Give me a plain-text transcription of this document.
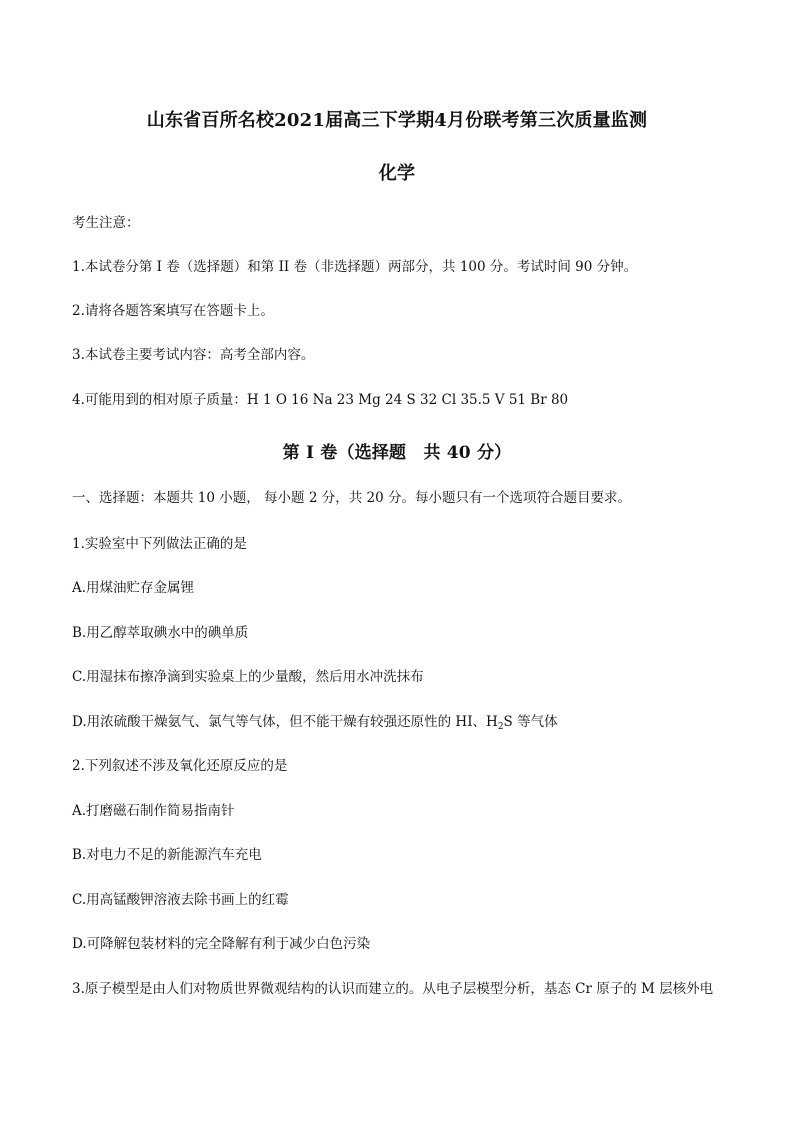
山东省百所名校2021届高三下学期4月份联考第三次质量监测
化学
考生注意：
1.本试卷分第 I 卷（选择题）和第 II 卷（非选择题）两部分，共 100 分。考试时间 90 分钟。
2.请将各题答案填写在答题卡上。
3.本试卷主要考试内容：高考全部内容。
4.可能用到的相对原子质量：H 1 O 16 Na 23 Mg 24 S 32 Cl 35.5 V 51 Br 80
第 I 卷（选择题　共 40 分）
一、选择题：本题共 10 小题， 每小题 2 分，共 20 分。每小题只有一个选项符合题目要求。
1.实验室中下列做法正确的是
A.用煤油贮存金属锂
B.用乙醇萃取碘水中的碘单质
C.用湿抹布擦净滴到实验桌上的少量酸，然后用水冲洗抹布
D.用浓硫酸干燥氨气、氯气等气体，但不能干燥有较强还原性的 HI、$H_2S$ 等气体
2.下列叙述不涉及氧化还原反应的是
A.打磨磁石制作简易指南针
B.对电力不足的新能源汽车充电
C.用高锰酸钾溶液去除书画上的红霉
D.可降解包装材料的完全降解有利于减少白色污染
3.原子模型是由人们对物质世界微观结构的认识而建立的。从电子层模型分析，基态 Cr 原子的 M 层核外电
